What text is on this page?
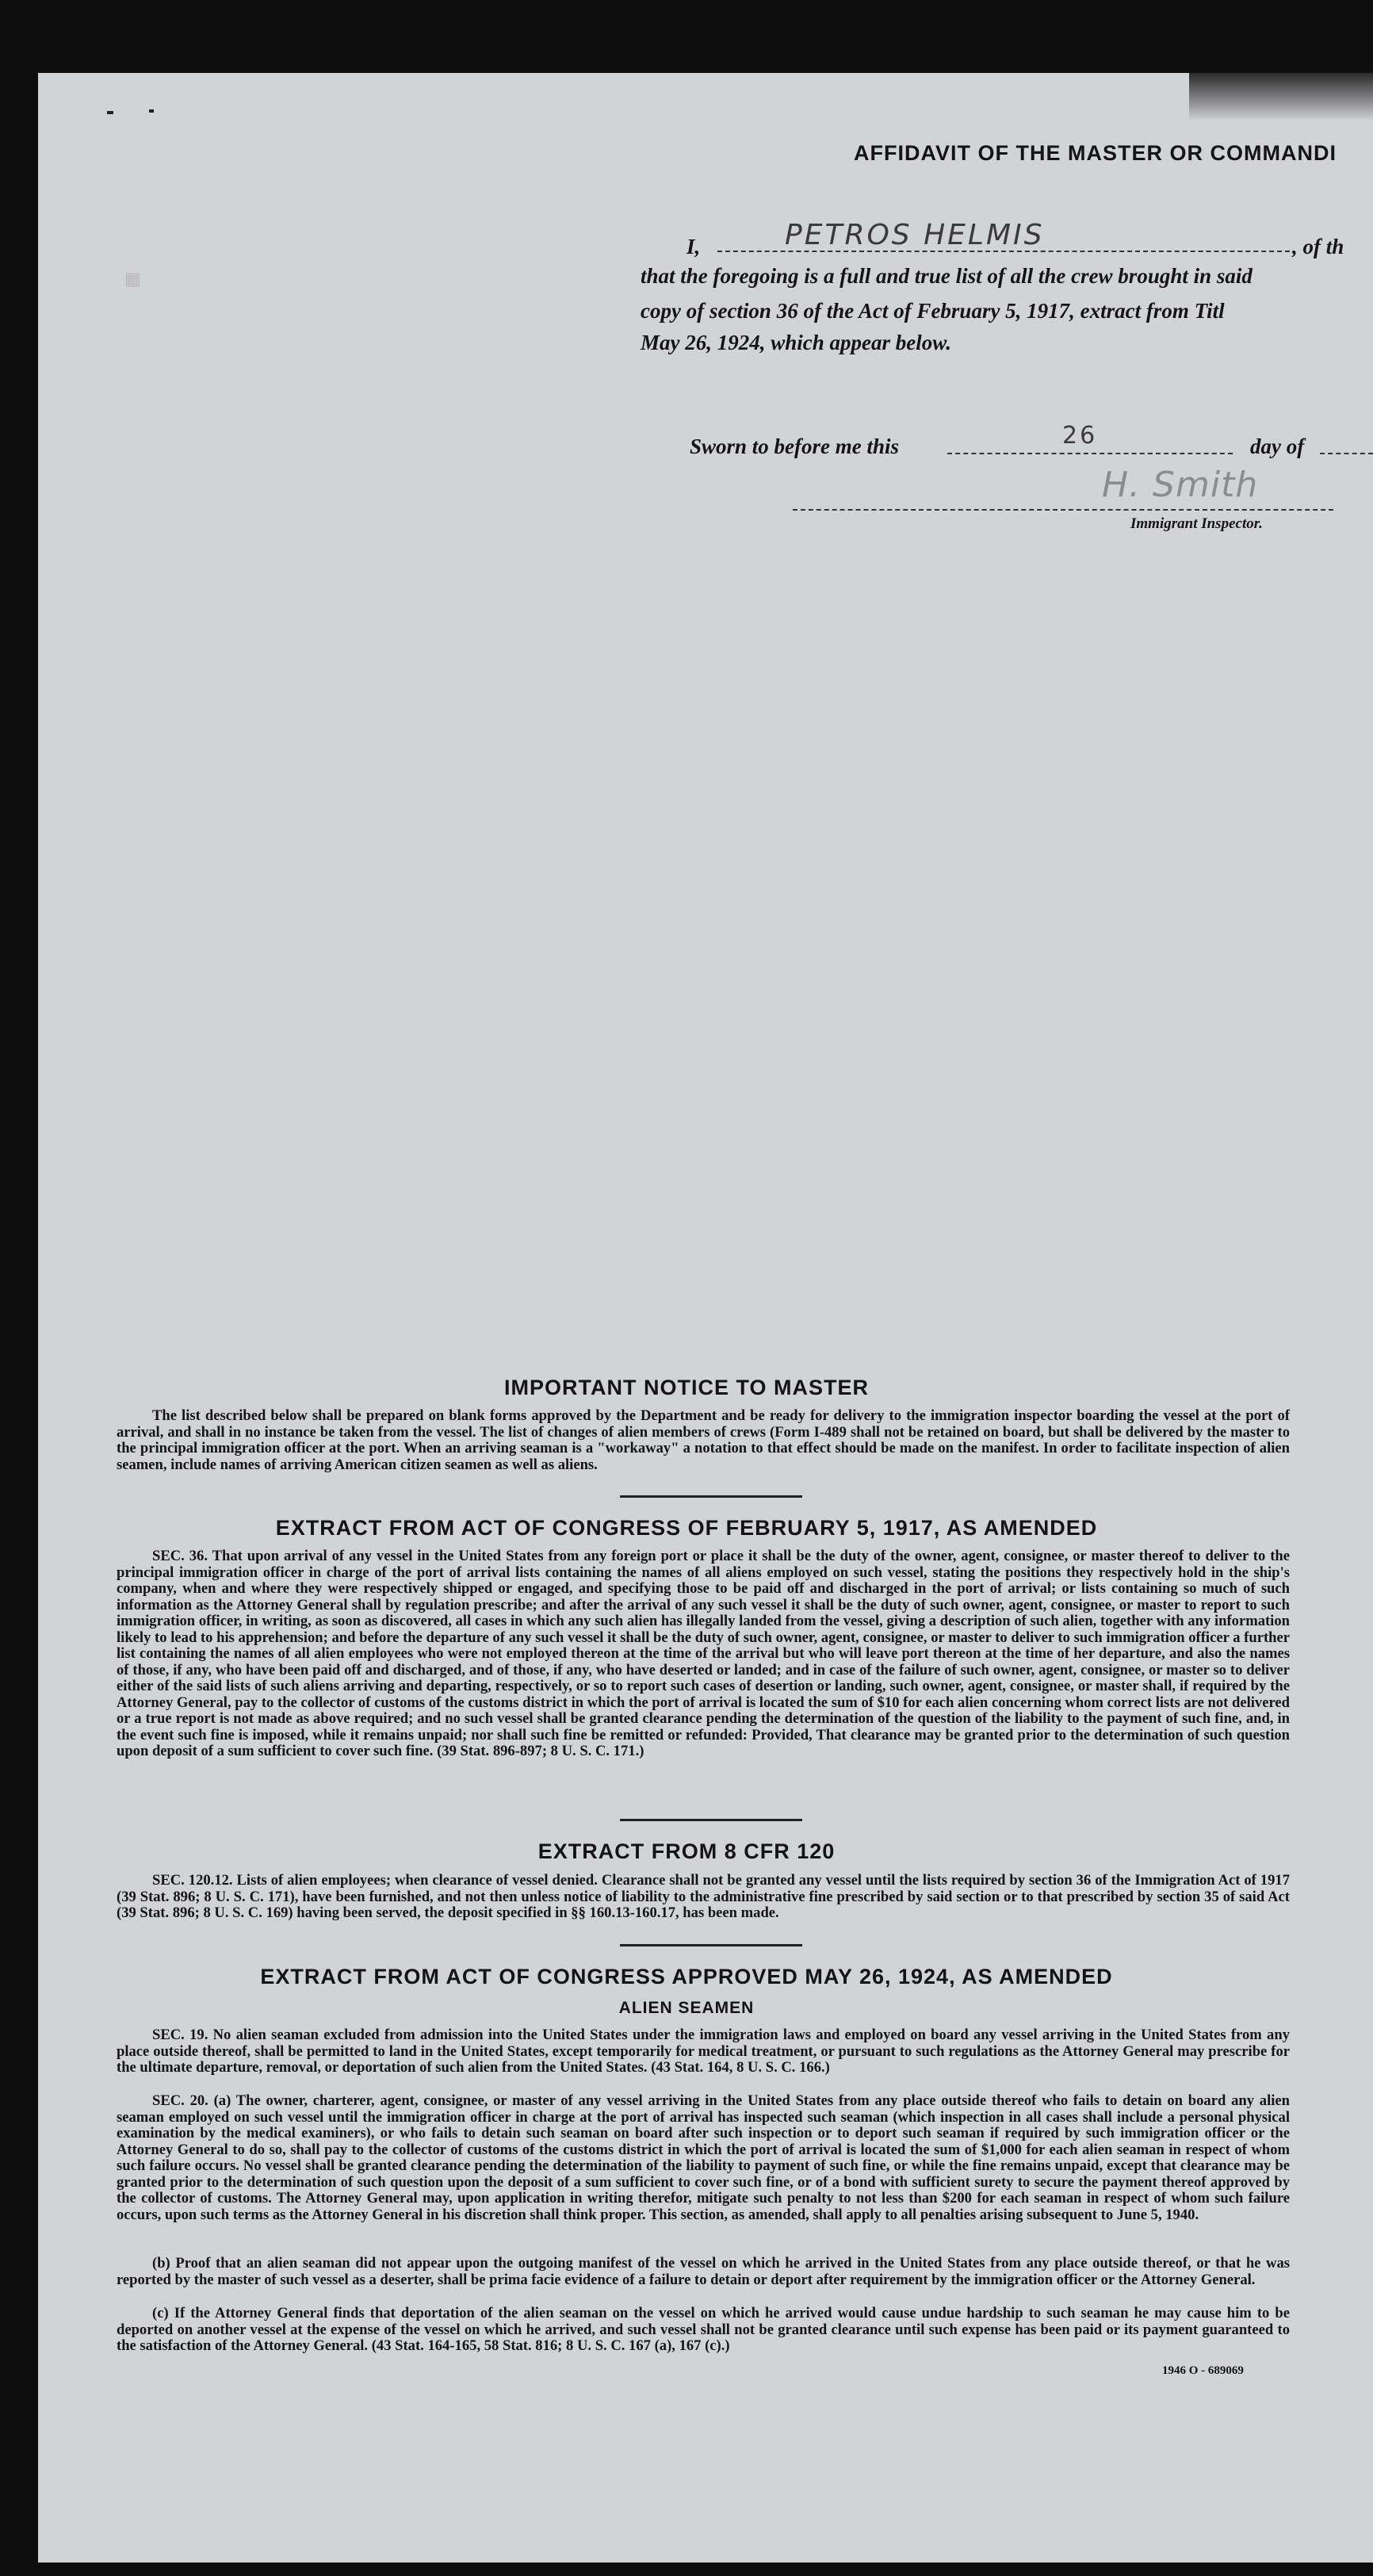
▦
AFFIDAVIT OF THE MASTER OR COMMANDI
I,	PETROS HELMIS	, of th
that the foregoing is a full and true list of all the crew brought in said
copy of section 36 of the Act of February 5, 1917, extract from Titl
May 26, 1924, which appear below.
Sworn to before me this	26	day of
H. Smith
Immigrant Inspector.
IMPORTANT NOTICE TO MASTER
The list described below shall be prepared on blank forms approved by the Department and be ready for delivery to the immigration inspector boarding the vessel at the port of arrival, and shall in no instance be taken from the vessel. The list of changes of alien members of crews (Form I-489 shall not be retained on board, but shall be delivered by the master to the principal immigration officer at the port. When an arriving seaman is a "workaway" a notation to that effect should be made on the manifest. In order to facilitate inspection of alien seamen, include names of arriving American citizen seamen as well as aliens.
EXTRACT FROM ACT OF CONGRESS OF FEBRUARY 5, 1917, AS AMENDED
SEC. 36. That upon arrival of any vessel in the United States from any foreign port or place it shall be the duty of the owner, agent, consignee, or master thereof to deliver to the principal immigration officer in charge of the port of arrival lists containing the names of all aliens employed on such vessel, stating the positions they respectively hold in the ship's company, when and where they were respectively shipped or engaged, and specifying those to be paid off and discharged in the port of arrival; or lists containing so much of such information as the Attorney General shall by regulation prescribe; and after the arrival of any such vessel it shall be the duty of such owner, agent, consignee, or master to report to such immigration officer, in writing, as soon as discovered, all cases in which any such alien has illegally landed from the vessel, giving a description of such alien, together with any information likely to lead to his apprehension; and before the departure of any such vessel it shall be the duty of such owner, agent, consignee, or master to deliver to such immigration officer a further list containing the names of all alien employees who were not employed thereon at the time of the arrival but who will leave port thereon at the time of her departure, and also the names of those, if any, who have been paid off and discharged, and of those, if any, who have deserted or landed; and in case of the failure of such owner, agent, consignee, or master so to deliver either of the said lists of such aliens arriving and departing, respectively, or so to report such cases of desertion or landing, such owner, agent, consignee, or master shall, if required by the Attorney General, pay to the collector of customs of the customs district in which the port of arrival is located the sum of $10 for each alien concerning whom correct lists are not delivered or a true report is not made as above required; and no such vessel shall be granted clearance pending the determination of the question of the liability to the payment of such fine, and, in the event such fine is imposed, while it remains unpaid; nor shall such fine be remitted or refunded: Provided, That clearance may be granted prior to the determination of such question upon deposit of a sum sufficient to cover such fine. (39 Stat. 896-897; 8 U. S. C. 171.)
EXTRACT FROM 8 CFR 120
SEC. 120.12. Lists of alien employees; when clearance of vessel denied. Clearance shall not be granted any vessel until the lists required by section 36 of the Immigration Act of 1917 (39 Stat. 896; 8 U. S. C. 171), have been furnished, and not then unless notice of liability to the administrative fine prescribed by said section or to that prescribed by section 35 of said Act (39 Stat. 896; 8 U. S. C. 169) having been served, the deposit specified in §§ 160.13-160.17, has been made.
EXTRACT FROM ACT OF CONGRESS APPROVED MAY 26, 1924, AS AMENDED
ALIEN SEAMEN
SEC. 19. No alien seaman excluded from admission into the United States under the immigration laws and employed on board any vessel arriving in the United States from any place outside thereof, shall be permitted to land in the United States, except temporarily for medical treatment, or pursuant to such regulations as the Attorney General may prescribe for the ultimate departure, removal, or deportation of such alien from the United States. (43 Stat. 164, 8 U. S. C. 166.)
SEC. 20. (a) The owner, charterer, agent, consignee, or master of any vessel arriving in the United States from any place outside thereof who fails to detain on board any alien seaman employed on such vessel until the immigration officer in charge at the port of arrival has inspected such seaman (which inspection in all cases shall include a personal physical examination by the medical examiners), or who fails to detain such seaman on board after such inspection or to deport such seaman if required by such immigration officer or the Attorney General to do so, shall pay to the collector of customs of the customs district in which the port of arrival is located the sum of $1,000 for each alien seaman in respect of whom such failure occurs. No vessel shall be granted clearance pending the determination of the liability to payment of such fine, or while the fine remains unpaid, except that clearance may be granted prior to the determination of such question upon the deposit of a sum sufficient to cover such fine, or of a bond with sufficient surety to secure the payment thereof approved by the collector of customs. The Attorney General may, upon application in writing therefor, mitigate such penalty to not less than $200 for each seaman in respect of whom such failure occurs, upon such terms as the Attorney General in his discretion shall think proper. This section, as amended, shall apply to all penalties arising subsequent to June 5, 1940.
(b) Proof that an alien seaman did not appear upon the outgoing manifest of the vessel on which he arrived in the United States from any place outside thereof, or that he was reported by the master of such vessel as a deserter, shall be prima facie evidence of a failure to detain or deport after requirement by the immigration officer or the Attorney General.
(c) If the Attorney General finds that deportation of the alien seaman on the vessel on which he arrived would cause undue hardship to such seaman he may cause him to be deported on another vessel at the expense of the vessel on which he arrived, and such vessel shall not be granted clearance until such expense has been paid or its payment guaranteed to the satisfaction of the Attorney General. (43 Stat. 164-165, 58 Stat. 816; 8 U. S. C. 167 (a), 167 (c).)
1946 O - 689069
